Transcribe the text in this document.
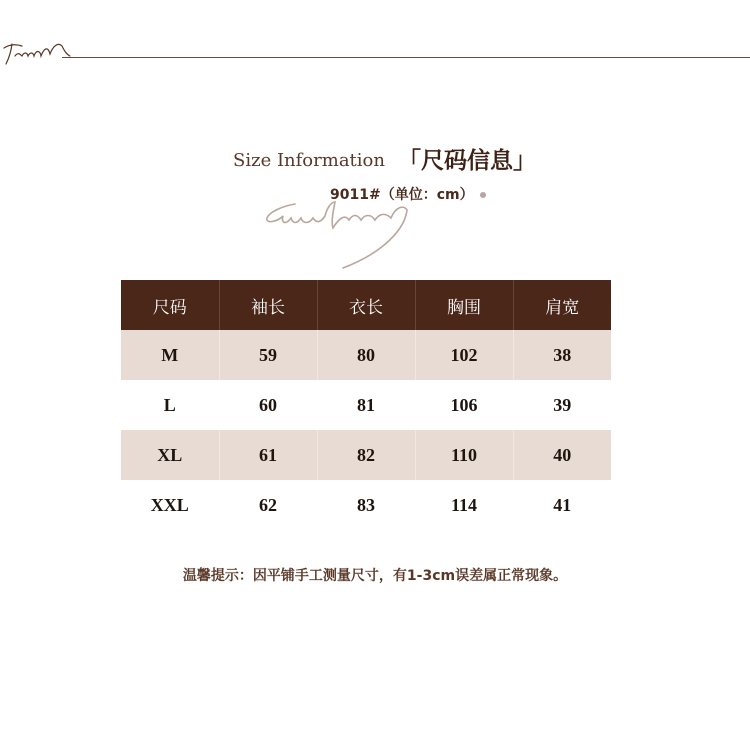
Size Information 「尺码信息」
9011#（单位：cm）
尺码	袖长	衣长	胸围	肩宽
M	59	80	102	38
L	60	81	106	39
XL	61	82	110	40
XXL	62	83	114	41
温馨提示：因平铺手工测量尺寸，有1-3cm误差属正常现象。
